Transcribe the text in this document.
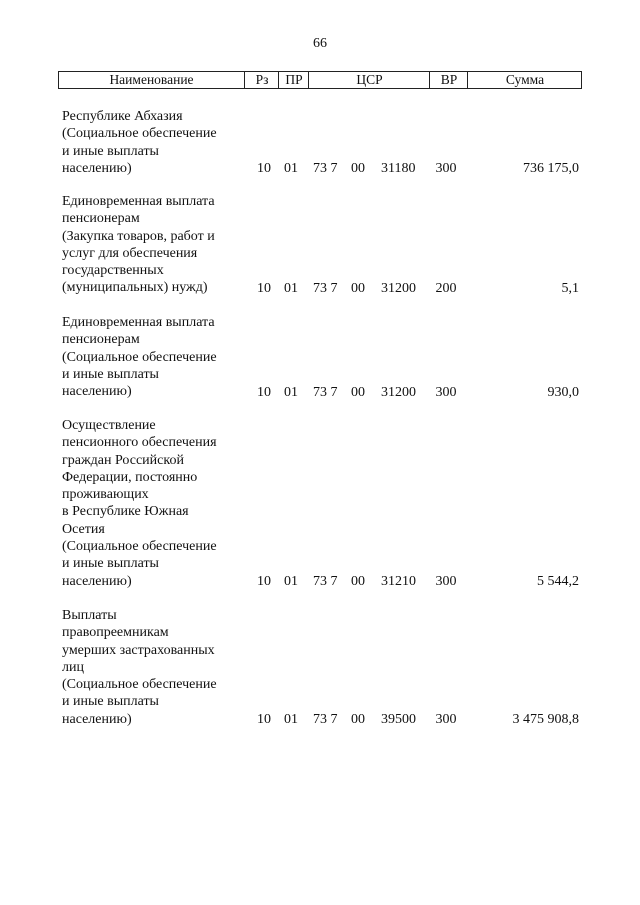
66
Наименование	Рз	ПР	ЦСР	ВР	Сумма
Республике Абхазия
(Социальное обеспечение
и иные выплаты
населению)	10 01 73 7 00 31180 300	736 175,0
Единовременная выплата
пенсионерам
(Закупка товаров, работ и
услуг для обеспечения
государственных
(муниципальных) нужд)	10 01 73 7 00 31200 200	5,1
Единовременная выплата
пенсионерам
(Социальное обеспечение
и иные выплаты
населению)	10 01 73 7 00 31200 300	930,0
Осуществление
пенсионного обеспечения
граждан Российской
Федерации, постоянно
проживающих
в Республике Южная
Осетия
(Социальное обеспечение
и иные выплаты
населению)	10 01 73 7 00 31210 300	5 544,2
Выплаты
правопреемникам
умерших застрахованных
лиц
(Социальное обеспечение
и иные выплаты
населению)	10 01 73 7 00 39500 300	3 475 908,8
